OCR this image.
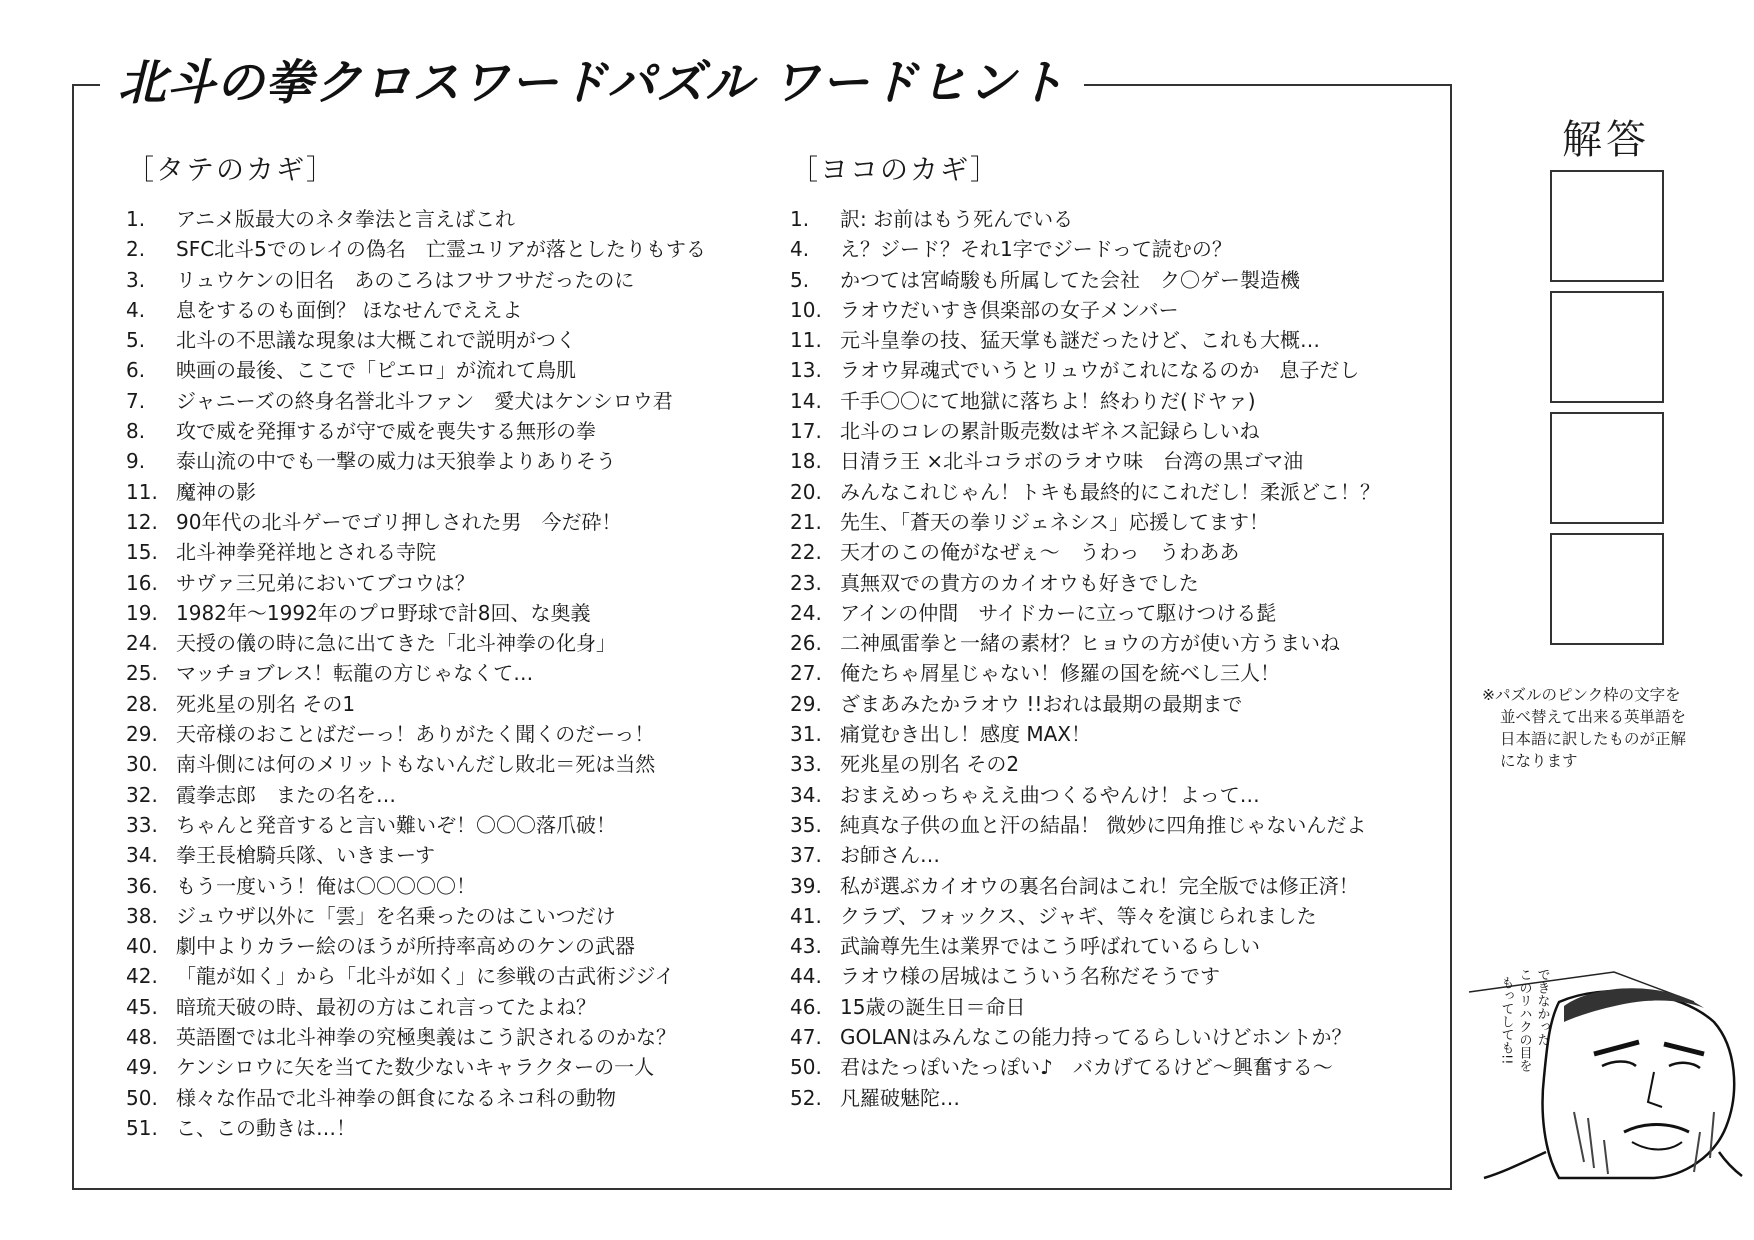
北斗の拳クロスワードパズル ワードヒント
［タテのカギ］
1.	アニメ版最大のネタ拳法と言えばこれ
2.	SFC北斗5でのレイの偽名　亡霊ユリアが落としたりもする
3.	リュウケンの旧名　あのころはフサフサだったのに
4.	息をするのも面倒？ ほなせんでええよ
5.	北斗の不思議な現象は大概これで説明がつく
6.	映画の最後、ここで「ピエロ」が流れて鳥肌
7.	ジャニーズの終身名誉北斗ファン　愛犬はケンシロウ君
8.	攻で威を発揮するが守で威を喪失する無形の拳
9.	泰山流の中でも一撃の威力は天狼拳よりありそう
11. 魔神の影
12. 90年代の北斗ゲーでゴリ押しされた男　今だ砕！
15. 北斗神拳発祥地とされる寺院
16. サヴァ三兄弟においてブコウは？
19. 1982年～1992年のプロ野球で計8回、な奥義
24. 天授の儀の時に急に出てきた「北斗神拳の化身」
25. マッチョブレス！転龍の方じゃなくて…
28. 死兆星の別名 その1
29. 天帝様のおことばだーっ！ありがたく聞くのだーっ！
30. 南斗側には何のメリットもないんだし敗北＝死は当然
32. 霞拳志郎　またの名を…
33. ちゃんと発音すると言い難いぞ！〇〇〇落爪破！
34. 拳王長槍騎兵隊、いきまーす
36. もう一度いう！俺は〇〇〇〇〇！
38. ジュウザ以外に「雲」を名乗ったのはこいつだけ
40. 劇中よりカラー絵のほうが所持率高めのケンの武器
42. 「龍が如く」から「北斗が如く」に参戦の古武術ジジイ
45. 暗琉天破の時、最初の方はこれ言ってたよね？
48. 英語圏では北斗神拳の究極奥義はこう訳されるのかな？
49. ケンシロウに矢を当てた数少ないキャラクターの一人
50. 様々な作品で北斗神拳の餌食になるネコ科の動物
51. こ、この動きは…！
［ヨコのカギ］
1.	訳: お前はもう死んでいる
4.	え？ジード？それ1字でジードって読むの？
5.	かつては宮崎駿も所属してた会社　ク〇ゲー製造機
10. ラオウだいすき倶楽部の女子メンバー
11. 元斗皇拳の技、猛天掌も謎だったけど、これも大概…
13. ラオウ昇魂式でいうとリュウがこれになるのか　息子だし
14. 千手〇〇にて地獄に落ちよ！終わりだ(ドヤァ)
17. 北斗のコレの累計販売数はギネス記録らしいね
18. 日清ラ王 ×北斗コラボのラオウ味　台湾の黒ゴマ油
20. みんなこれじゃん！トキも最終的にこれだし！柔派どこ！？
21. 先生、「蒼天の拳リジェネシス」応援してます！
22. 天才のこの俺がなぜぇ～　うわっ　うわああ
23. 真無双での貴方のカイオウも好きでした
24. アインの仲間　サイドカーに立って駆けつける髭
26. 二神風雷拳と一緒の素材？ヒョウの方が使い方うまいね
27. 俺たちゃ屑星じゃない！修羅の国を統べし三人！
29. ざまあみたかラオウ !!おれは最期の最期まで
31. 痛覚むき出し！感度 MAX！
33. 死兆星の別名 その2
34. おまえめっちゃええ曲つくるやんけ！よって…
35. 純真な子供の血と汗の結晶！ 微妙に四角推じゃないんだよ
37. お師さん…
39. 私が選ぶカイオウの裏名台詞はこれ！完全版では修正済！
41. クラブ、フォックス、ジャギ、等々を演じられました
43. 武論尊先生は業界ではこう呼ばれているらしい
44. ラオウ様の居城はこういう名称だそうです
46. 15歳の誕生日＝命日
47. GOLANはみんなこの能力持ってるらしいけどホントか？
50. 君はたっぽいたっぽい♪　バカげてるけど～興奮する～
52. 凡羅破魅陀…
解答
※パズルのピンク枠の文字を
並べ替えて出来る英単語を
日本語に訳したものが正解
になります
できなかった
このリハクの目を
もってしても!!
